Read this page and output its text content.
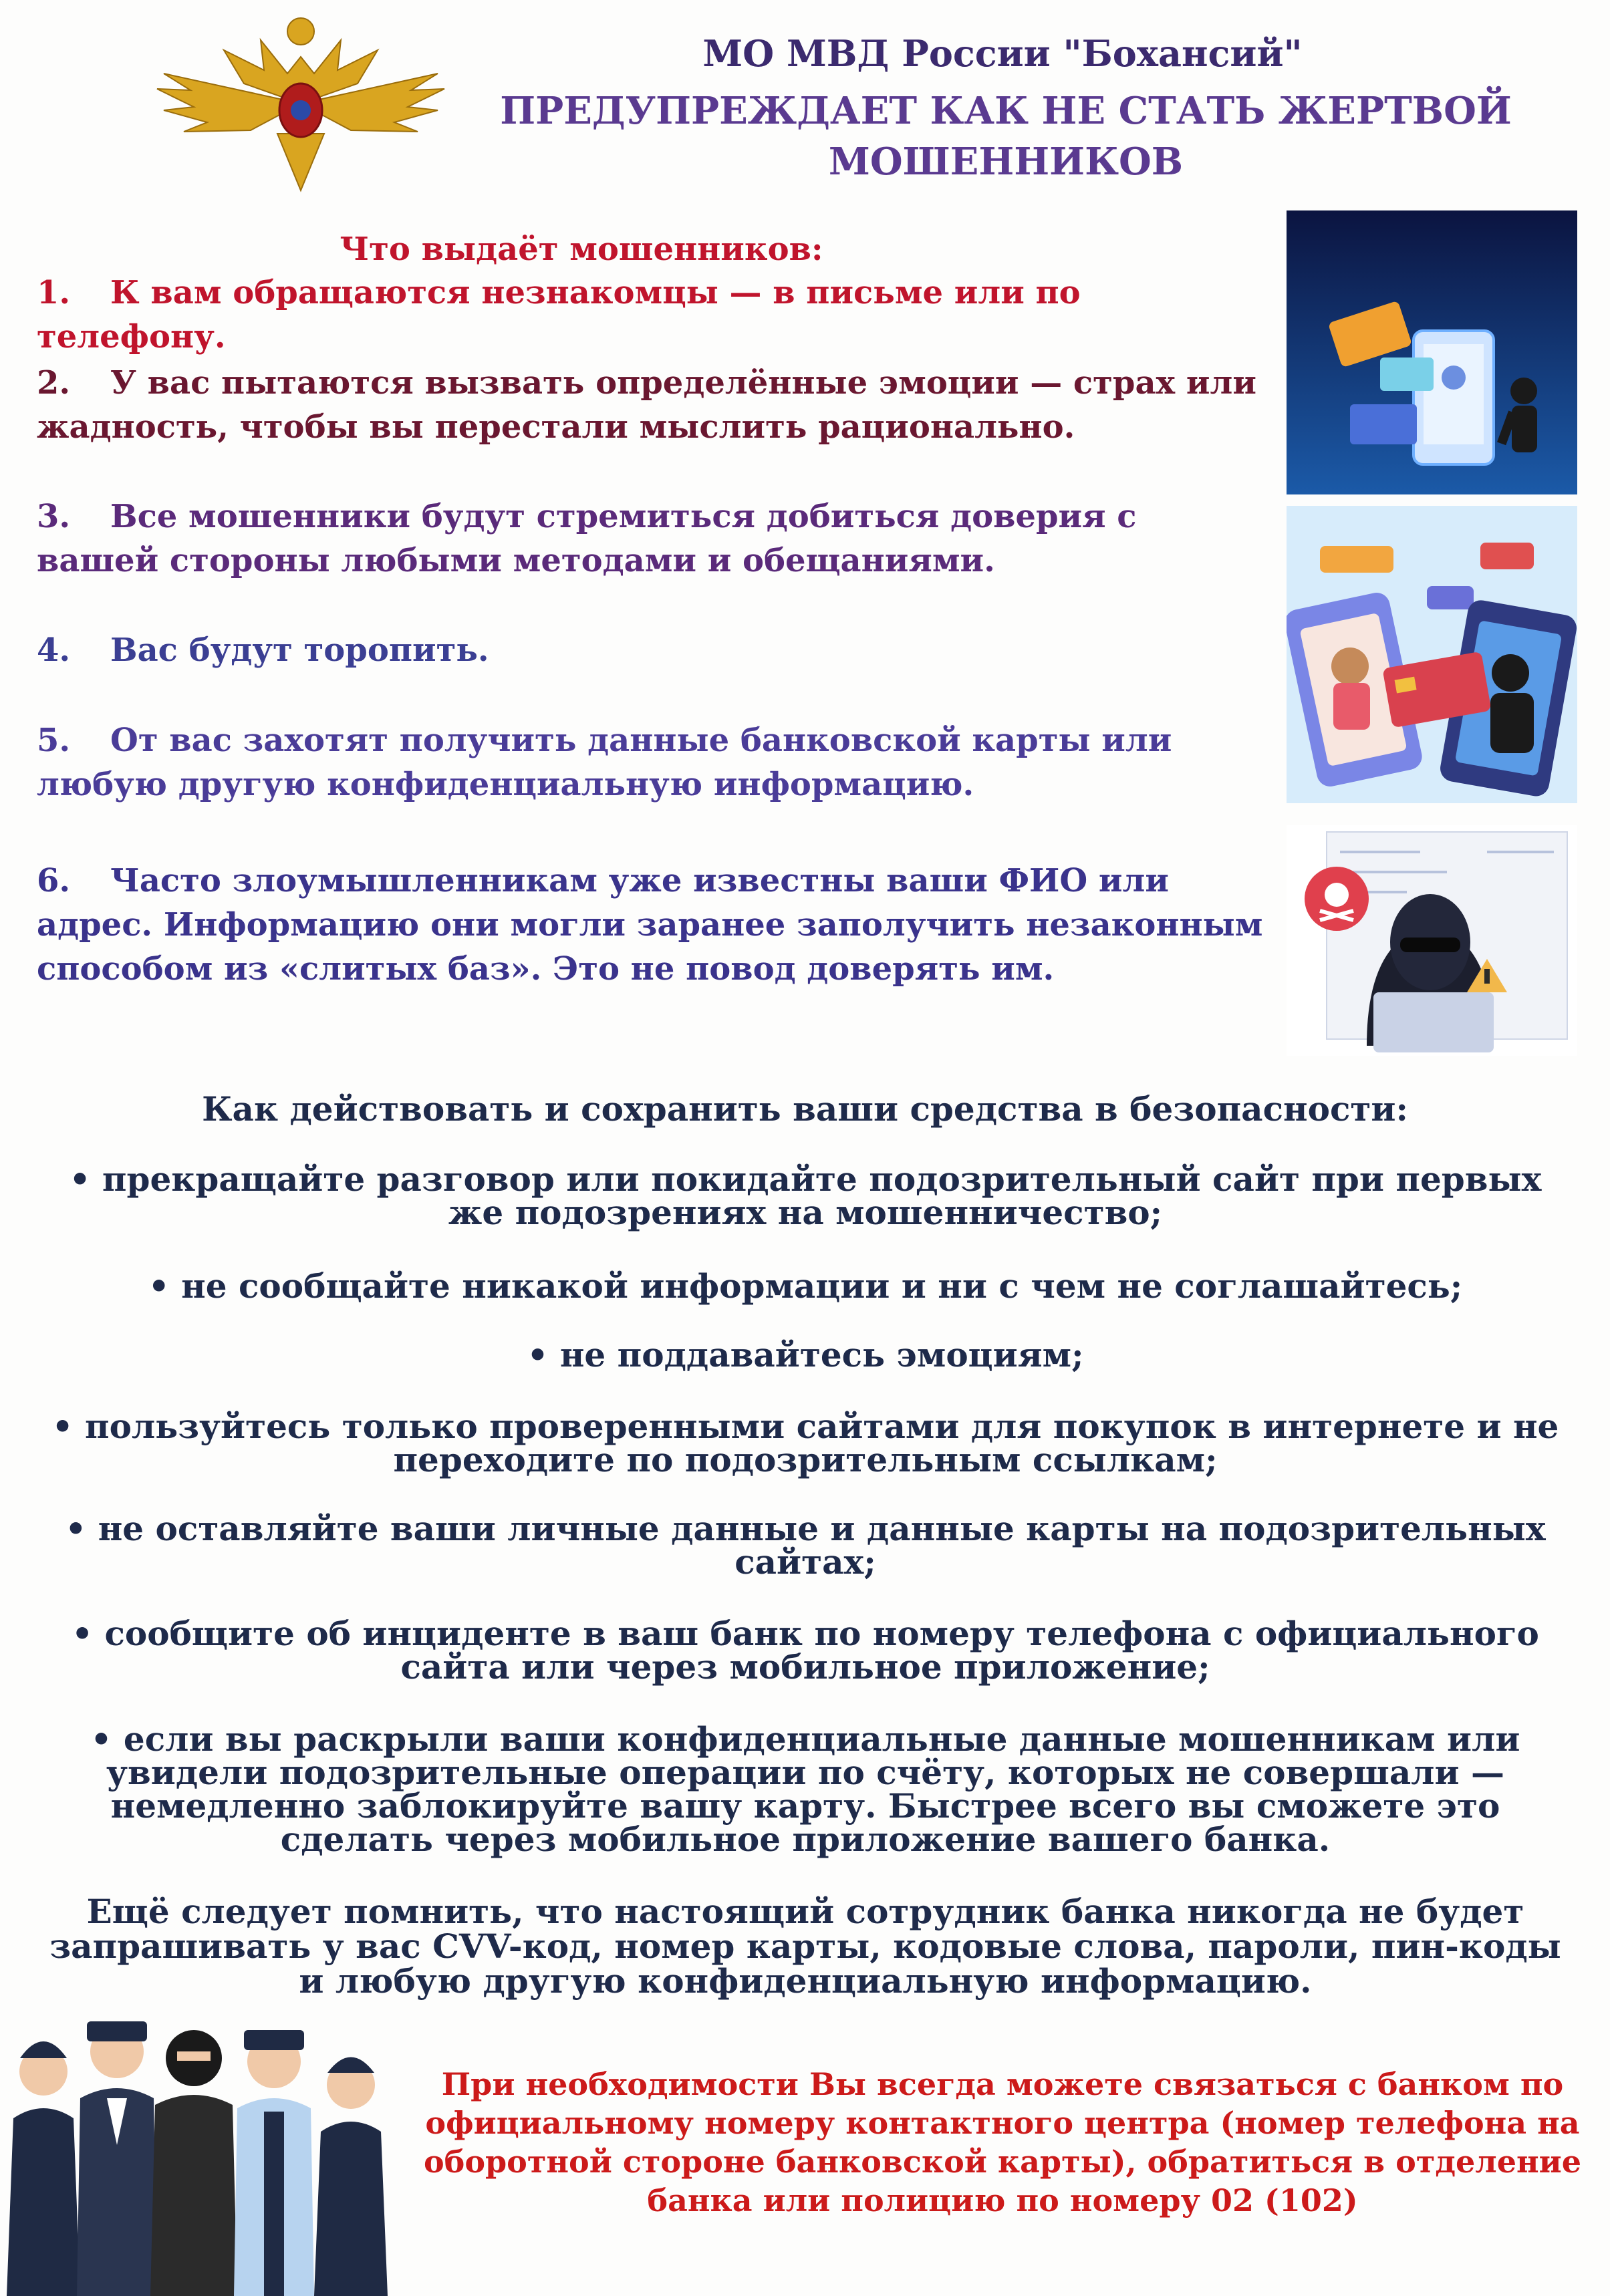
МО МВД России "Бохансий"
ПРЕДУПРЕЖДАЕТ КАК НЕ СТАТЬ ЖЕРТВОЙ
МОШЕННИКОВ
Что выдаёт мошенников:
1. К вам обращаются незнакомцы — в письме или по телефону.
2. У вас пытаются вызвать определённые эмоции — страх или жадность, чтобы вы перестали мыслить рационально.
3. Все мошенники будут стремиться добиться доверия с вашей стороны любыми методами и обещаниями.
4. Вас будут торопить.
5. От вас захотят получить данные банковской карты или любую другую конфиденциальную информацию.
6. Часто злоумышленникам уже известны ваши ФИО или адрес. Информацию они могли заранее заполучить незаконным способом из «слитых баз». Это не повод доверять им.
Как действовать и сохранить ваши средства в безопасности:
• прекращайте разговор или покидайте подозрительный сайт при первых же подозрениях на мошенничество;
• не сообщайте никакой информации и ни с чем не соглашайтесь;
• не поддавайтесь эмоциям;
• пользуйтесь только проверенными сайтами для покупок в интернете и не переходите по подозрительным ссылкам;
• не оставляйте ваши личные данные и данные карты на подозрительных сайтах;
• сообщите об инциденте в ваш банк по номеру телефона с официального сайта или через мобильное приложение;
• если вы раскрыли ваши конфиденциальные данные мошенникам или увидели подозрительные операции по счёту, которых не совершали — немедленно заблокируйте вашу карту. Быстрее всего вы сможете это сделать через мобильное приложение вашего банка.
Ещё следует помнить, что настоящий сотрудник банка никогда не будет запрашивать у вас CVV-код, номер карты, кодовые слова, пароли, пин-коды и любую другую конфиденциальную информацию.
При необходимости Вы всегда можете связаться с банком по официальному номеру контактного центра (номер телефона на оборотной стороне банковской карты), обратиться в отделение банка или полицию по номеру 02 (102)
